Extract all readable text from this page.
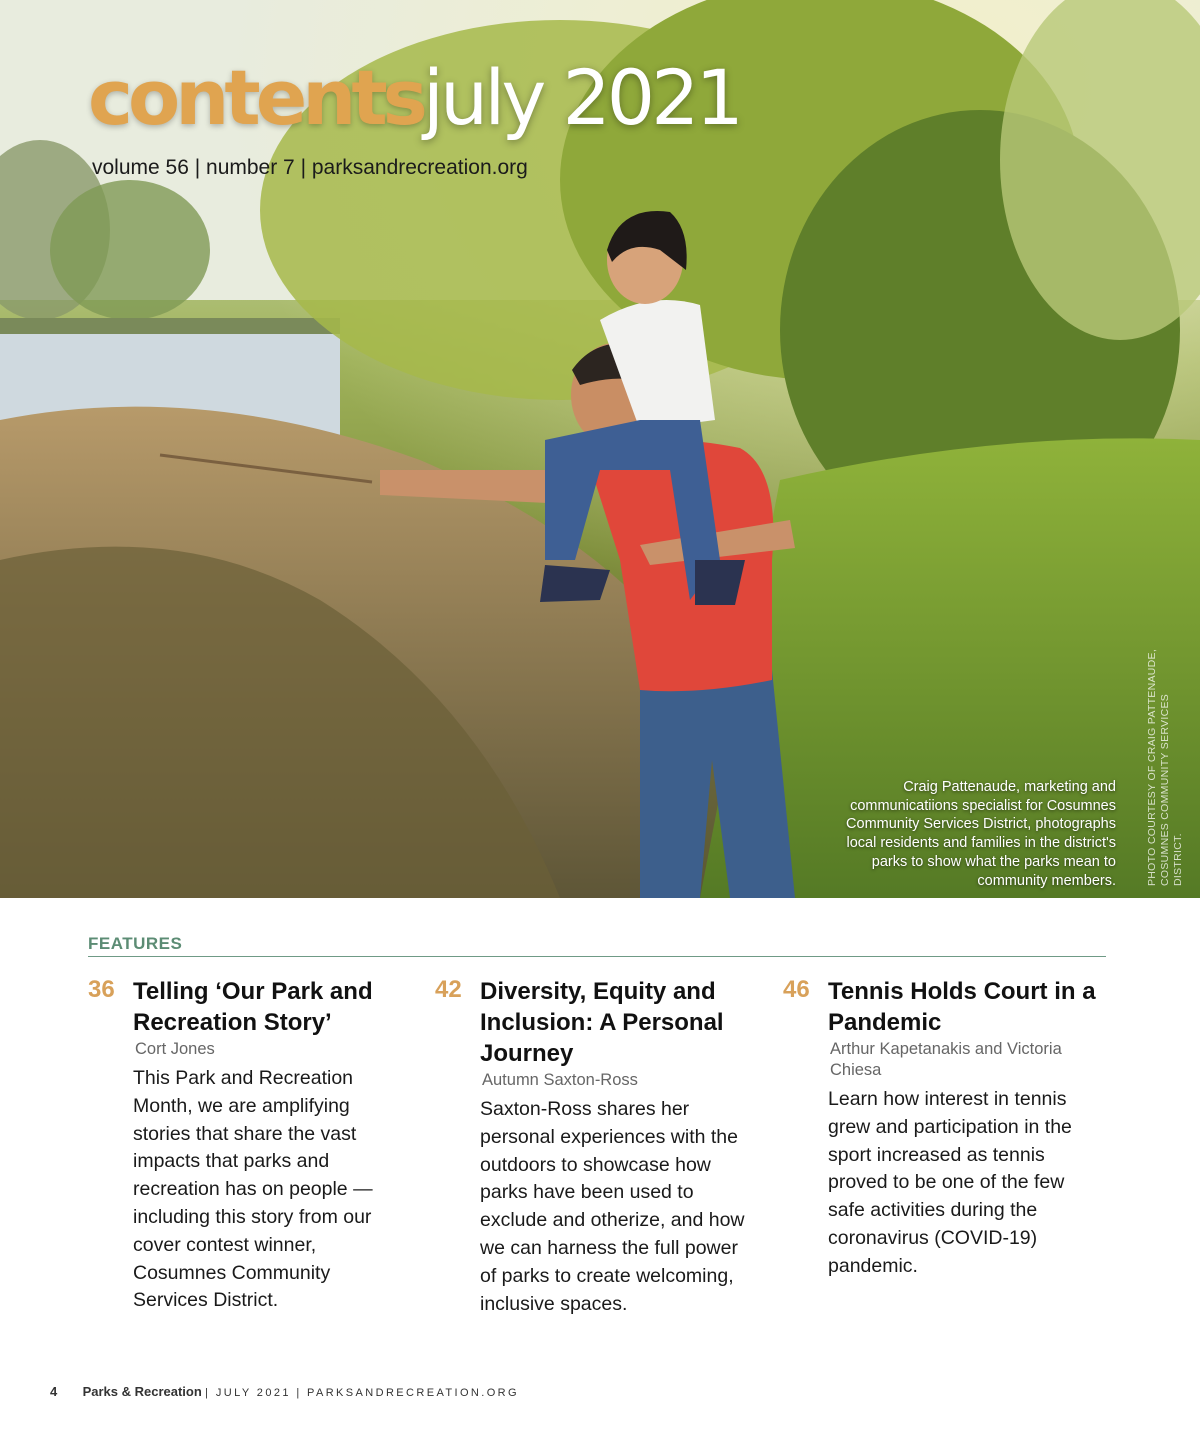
contentsjuly 2021
volume 56 | number 7 | parksandrecreation.org
Craig Pattenaude, marketing and communicatiions specialist for Cosumnes Community Services District, photographs local residents and families in the district's parks to show what the parks mean to community members.	PHOTO COURTESY OF CRAIG PATTENAUDE, COSUMNES COMMUNITY SERVICES DISTRICT.
FEATURES
36 Telling ‘Our Park and Recreation Story’
Cort Jones

This Park and Recreation Month, we are amplifying stories that share the vast impacts that parks and recreation has on people — including this story from our cover contest winner, Cosumnes Community Services District.

42 Diversity, Equity and Inclusion: A Personal Journey
Autumn Saxton-Ross

Saxton-Ross shares her personal experiences with the outdoors to showcase how parks have been used to exclude and otherize, and how we can harness the full power of parks to create welcoming, inclusive spaces.

46 Tennis Holds Court in a Pandemic
Arthur Kapetanakis and Victoria Chiesa

Learn how interest in tennis grew and participation in the sport increased as tennis proved to be one of the few safe activities during the coronavirus (COVID-19) pandemic.

4 Parks & Recreation | JULY 2021 | PARKSANDRECREATION.ORG
